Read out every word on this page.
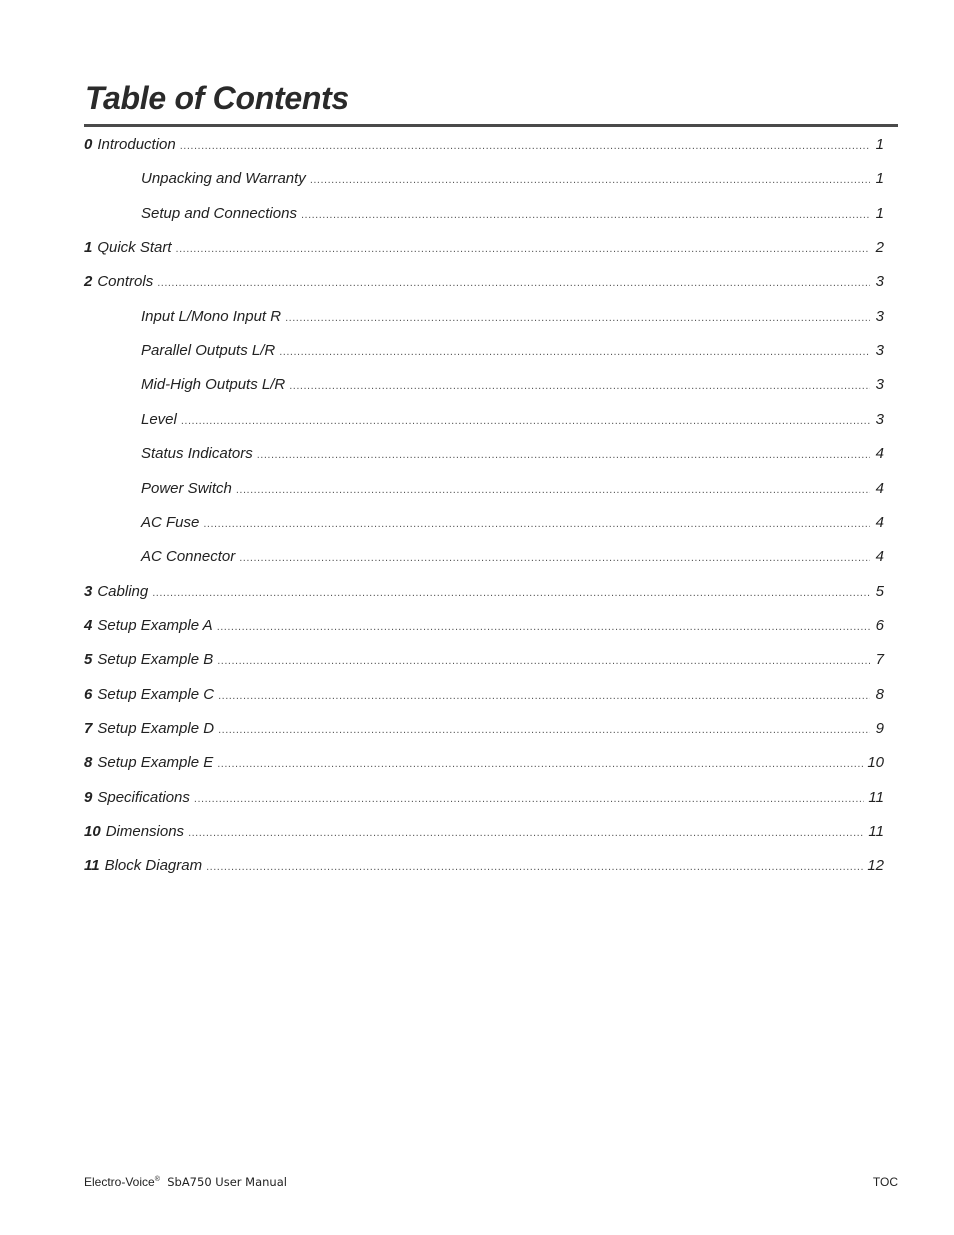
Table of Contents
0 Introduction .....	1
Unpacking and Warranty .....	1
Setup and Connections .....	1
1 Quick Start .....	2
2 Controls .....	3
Input L/Mono Input R .....	3
Parallel Outputs L/R .....	3
Mid-High Outputs L/R .....	3
Level .....	3
Status Indicators .....	4
Power Switch .....	4
AC Fuse .....	4
AC Connector .....	4
3 Cabling .....	5
4 Setup Example A .....	6
5 Setup Example B .....	7
6 Setup Example C .....	8
7 Setup Example D .....	9
8 Setup Example E .....	10
9 Specifications .....	11
10 Dimensions .....	11
11 Block Diagram .....	12
Electro-Voice® SbA750 User Manual	TOC
